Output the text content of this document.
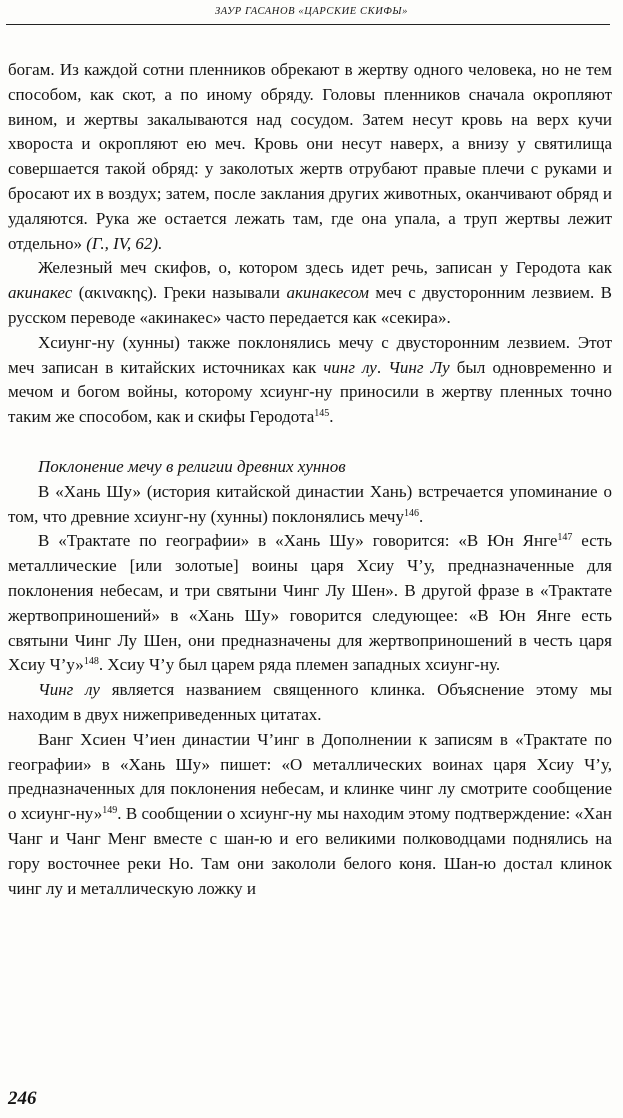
ЗАУР ГАСАНОВ «ЦАРСКИЕ СКИФЫ»

богам. Из каждой сотни пленников обрекают в жертву одного человека, но не тем способом, как скот, а по иному обряду. Головы пленников сначала окропляют вином, и жертвы закалываются над сосудом. Затем несут кровь на верх кучи хвороста и окропляют ею меч. Кровь они несут наверх, а внизу у святилища совершается такой обряд: у заколотых жертв отрубают правые плечи с руками и бросают их в воздух; затем, после заклания других животных, оканчивают обряд и удаляются. Рука же остается лежать там, где она упала, а труп жертвы лежит отдельно» (Г., IV, 62).

Железный меч скифов, о, котором здесь идет речь, записан у Геродота как акинакес (ακινακης). Греки называли акинакесом меч с двусторонним лезвием. В русском переводе «акинакес» часто передается как «секира».

Хсиунг-ну (хунны) также поклонялись мечу с двусторонним лезвием. Этот меч записан в китайских источниках как чинг лу. Чинг Лу был одновременно и мечом и богом войны, которому хсиунг-ну приносили в жертву пленных точно таким же способом, как и скифы Геродота$^{145}$.

Поклонение мечу в религии древних хуннов

В «Хань Шу» (история китайской династии Хань) встречается упоминание о том, что древние хсиунг-ну (хунны) поклонялись мечу$^{146}$.

В «Трактате по географии» в «Хань Шу» говорится: «В Юн Янге$^{147}$ есть металлические [или золотые] воины царя Хсиу Ч’у, предназначенные для поклонения небесам, и три святыни Чинг Лу Шен». В другой фразе в «Трактате жертвоприношений» в «Хань Шу» говорится следующее: «В Юн Янге есть святыни Чинг Лу Шен, они предназначены для жертвоприношений в честь царя Хсиу Ч’у»$^{148}$. Хсиу Ч’у был царем ряда племен западных хсиунг-ну.

Чинг лу является названием священного клинка. Объяснение этому мы находим в двух нижеприведенных цитатах.

Ванг Хсиен Ч’иен династии Ч’инг в Дополнении к записям в «Трактате по географии» в «Хань Шу» пишет: «О металлических воинах царя Хсиу Ч’у, предназначенных для поклонения небесам, и клинке чинг лу смотрите сообщение о хсиунг-ну»$^{149}$. В сообщении о хсиунг-ну мы находим этому подтверждение: «Хан Чанг и Чанг Менг вместе с шан-ю и его великими полководцами поднялись на гору восточнее реки Но. Там они закололи белого коня. Шан-ю достал клинок чинг лу и металлическую ложку и

246
